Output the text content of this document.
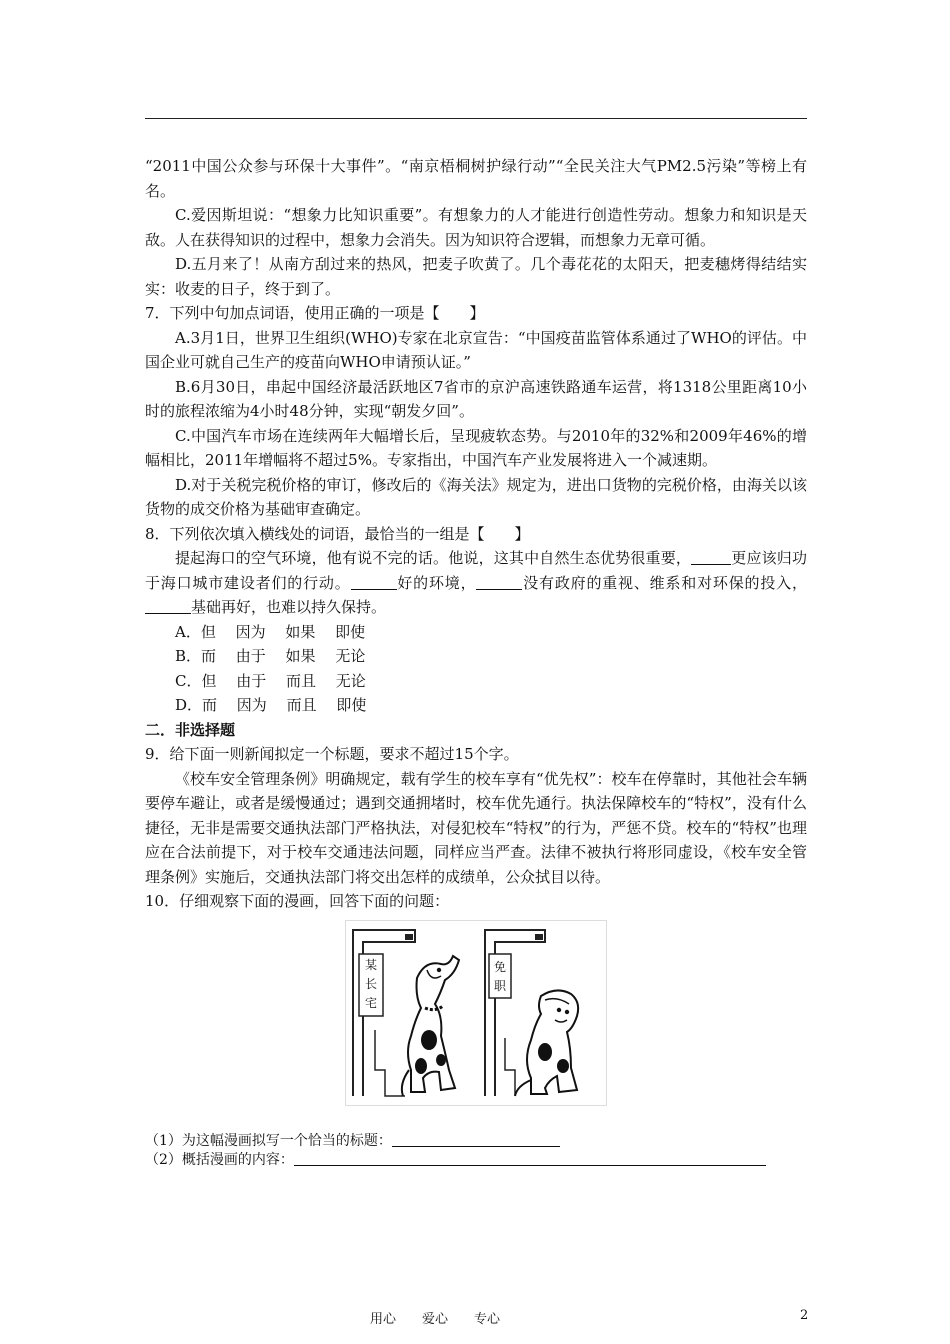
“2011中国公众参与环保十大事件”。“南京梧桐树护绿行动”“全民关注大气PM2.5污染”等榜上有名。

C.爱因斯坦说：“想象力比知识重要”。有想象力的人才能进行创造性劳动。想象力和知识是天敌。人在获得知识的过程中，想象力会消失。因为知识符合逻辑，而想象力无章可循。

D.五月来了！从南方刮过来的热风，把麦子吹黄了。几个毒花花的太阳天，把麦穗烤得结结实实：收麦的日子，终于到了。

7．下列中句加点词语，使用正确的一项是【　　】

A.3月1日，世界卫生组织(WHO)专家在北京宣告：“中国疫苗监管体系通过了WHO的评估。中国企业可就自己生产的疫苗向WHO申请预认证。”

B.6月30日，串起中国经济最活跃地区7省市的京沪高速铁路通车运营，将1318公里距离10小时的旅程浓缩为4小时48分钟，实现“朝发夕回”。

C.中国汽车市场在连续两年大幅增长后，呈现疲软态势。与2010年的32%和2009年46%的增幅相比，2011年增幅将不超过5%。专家指出，中国汽车产业发展将进入一个减速期。

D.对于关税完税价格的审订，修改后的《海关法》规定为，进出口货物的完税价格，由海关以该货物的成交价格为基础审查确定。

8．下列依次填入横线处的词语，最恰当的一组是【　　】

提起海口的空气环境，他有说不完的话。他说，这其中自然生态优势很重要，	更应该归功于海口城市建设者们的行动。	好的环境，	没有政府的重视、维系和对环保的投入，基础再好，也难以持久保持。

A．但　 因为　 如果　 即使

B．而　 由于　 如果　 无论

C．但　 由于　 而且　 无论

D．而　 因为　 而且　 即使

二．非选择题

9．给下面一则新闻拟定一个标题，要求不超过15个字。

《校车安全管理条例》明确规定，载有学生的校车享有“优先权”：校车在停靠时，其他社会车辆要停车避让，或者是缓慢通过；遇到交通拥堵时，校车优先通行。执法保障校车的“特权”，没有什么捷径，无非是需要交通执法部门严格执法，对侵犯校车“特权”的行为，严惩不贷。校车的“特权”也理应在合法前提下，对于校车交通违法问题，同样应当严查。法律不被执行将形同虚设，《校车安全管理条例》实施后，交通执法部门将交出怎样的成绩单，公众拭目以待。

10．仔细观察下面的漫画，回答下面的问题：

某
长
宅
免
职
（1）为这幅漫画拟写一个恰当的标题：
（2）概括漫画的内容：
用心　　爱心　　专心	2
